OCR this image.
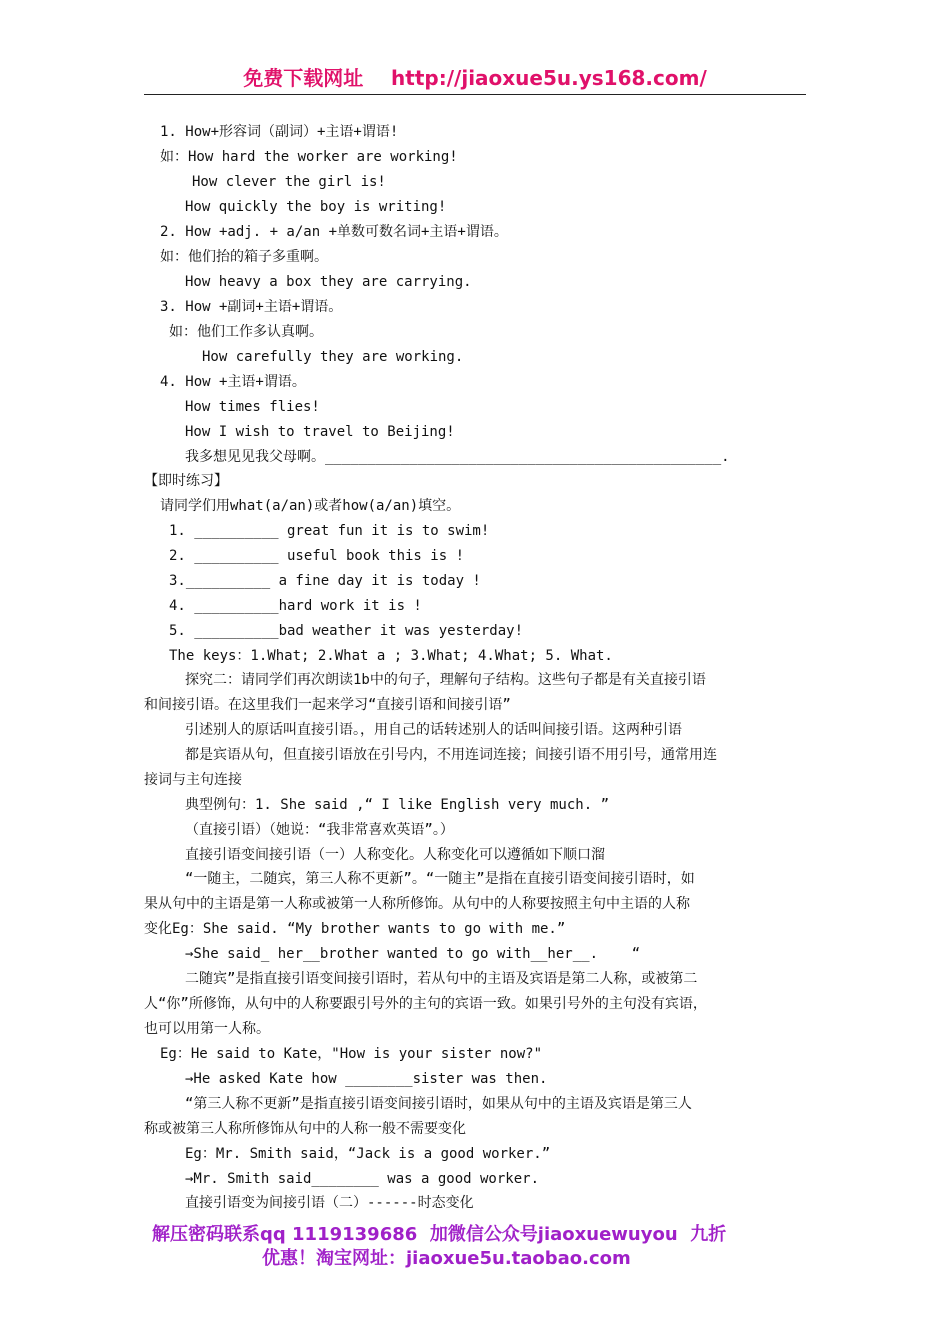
免费下载网址    http://jiaoxue5u.ys168.com/
1. How+形容词（副词）+主语+谓语!
如：How hard the worker are working!
How clever the girl is!
How quickly the boy is writing!
2. How +adj. + a/an +单数可数名词+主语+谓语。
如：他们抬的箱子多重啊。
How heavy a box they are carrying.
3. How +副词+主语+谓语。
如：他们工作多认真啊。
How carefully they are working.
4. How +主语+谓语。
How times flies!
How I wish to travel to Beijing!
我多想见见我父母啊。_______________________________________________.
【即时练习】
请同学们用what(a/an)或者how(a/an)填空。
1. __________ great fun it is to swim!
2. __________ useful book this is !
3.__________ a fine day it is today !
4. __________hard work it is !
5. __________bad weather it was yesterday!
The keys：1.What; 2.What a ; 3.What; 4.What; 5. What.
探究二：请同学们再次朗读1b中的句子，理解句子结构。这些句子都是有关直接引语
和间接引语。在这里我们一起来学习“直接引语和间接引语”
引述别人的原话叫直接引语。，用自己的话转述别人的话叫间接引语。这两种引语
都是宾语从句，但直接引语放在引号内，不用连词连接；间接引语不用引号，通常用连
接词与主句连接
典型例句：1. She said ,“ I like English very much. ”
（直接引语）（她说：“我非常喜欢英语”。）
直接引语变间接引语（一）人称变化。人称变化可以遵循如下顺口溜
“一随主，二随宾，第三人称不更新”。“一随主”是指在直接引语变间接引语时，如
果从句中的主语是第一人称或被第一人称所修饰。从句中的人称要按照主句中主语的人称
变化Eg：She said. “My brother wants to go with me.”
→She said_ her__brother wanted to go with__her__.    “
二随宾”是指直接引语变间接引语时，若从句中的主语及宾语是第二人称，或被第二
人“你”所修饰，从句中的人称要跟引号外的主句的宾语一致。如果引号外的主句没有宾语，
也可以用第一人称。
Eg：He said to Kate，"How is your sister now?"
→He asked Kate how ________sister was then.
“第三人称不更新”是指直接引语变间接引语时，如果从句中的主语及宾语是第三人
称或被第三人称所修饰从句中的人称一般不需要变化
Eg：Mr. Smith said，“Jack is a good worker.”
→Mr. Smith said________ was a good worker.
直接引语变为间接引语（二）------时态变化
解压密码联系qq 1119139686  加微信公众号jiaoxuewuyou  九折
优惠！淘宝网址：jiaoxue5u.taobao.com
